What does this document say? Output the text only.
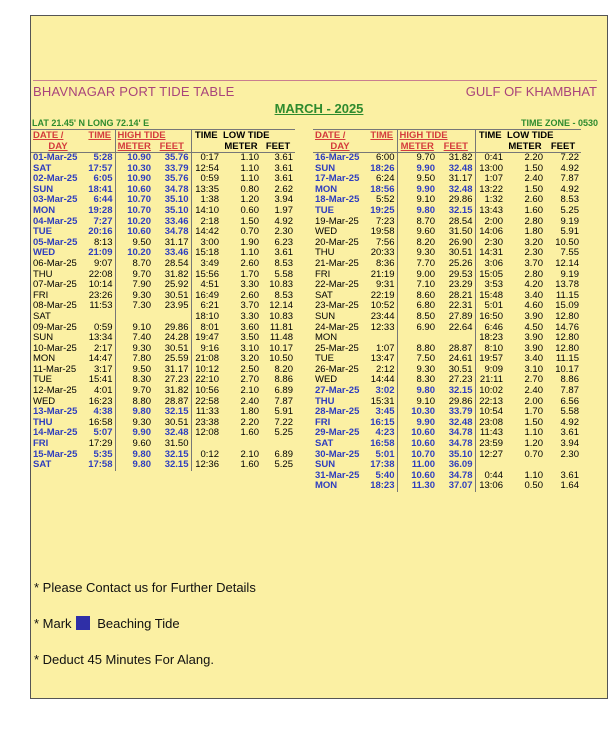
BHAVNAGAR PORT TIDE TABLE	GULF OF KHAMBHAT
MARCH - 2025
LAT 21.45' N LONG 72.14' E	TIME ZONE - 0530
DATE /	TIME	HIGH TIDE		TIME	LOW TIDE	
DAY		METER	FEET		METER	FEET
01-Mar-25	5:28	10.90	35.76	0:17	1.10	3.61
SAT	17:57	10.30	33.79	12:54	1.10	3.61
02-Mar-25	6:05	10.90	35.76	0:59	1.10	3.61
SUN	18:41	10.60	34.78	13:35	0.80	2.62
03-Mar-25	6:44	10.70	35.10	1:38	1.20	3.94
MON	19:28	10.70	35.10	14:10	0.60	1.97
04-Mar-25	7:27	10.20	33.46	2:18	1.50	4.92
TUE	20:16	10.60	34.78	14:42	0.70	2.30
05-Mar-25	8:13	9.50	31.17	3:00	1.90	6.23
WED	21:09	10.20	33.46	15:18	1.10	3.61
06-Mar-25	9:07	8.70	28.54	3:49	2.60	8.53
THU	22:08	9.70	31.82	15:56	1.70	5.58
07-Mar-25	10:14	7.90	25.92	4:51	3.30	10.83
FRI	23:26	9.30	30.51	16:49	2.60	8.53
08-Mar-25	11:53	7.30	23.95	6:21	3.70	12.14
SAT				18:10	3.30	10.83
09-Mar-25	0:59	9.10	29.86	8:01	3.60	11.81
SUN	13:34	7.40	24.28	19:47	3.50	11.48
10-Mar-25	2:17	9.30	30.51	9:16	3.10	10.17
MON	14:47	7.80	25.59	21:08	3.20	10.50
11-Mar-25	3:17	9.50	31.17	10:12	2.50	8.20
TUE	15:41	8.30	27.23	22:10	2.70	8.86
12-Mar-25	4:01	9.70	31.82	10:56	2.10	6.89
WED	16:23	8.80	28.87	22:58	2.40	7.87
13-Mar-25	4:38	9.80	32.15	11:33	1.80	5.91
THU	16:58	9.30	30.51	23:38	2.20	7.22
14-Mar-25	5:07	9.90	32.48	12:08	1.60	5.25
FRI	17:29	9.60	31.50			
15-Mar-25	5:35	9.80	32.15	0:12	2.10	6.89
SAT	17:58	9.80	32.15	12:36	1.60	5.25
DATE /	TIME	HIGH TIDE		TIME	LOW TIDE	
DAY		METER	FEET		METER	FEET
16-Mar-25	6:00	9.70	31.82	0:41	2.20	7.22
SUN	18:26	9.90	32.48	13:00	1.50	4.92
17-Mar-25	6:24	9.50	31.17	1:07	2.40	7.87
MON	18:56	9.90	32.48	13:22	1.50	4.92
18-Mar-25	5:52	9.10	29.86	1:32	2.60	8.53
TUE	19:25	9.80	32.15	13:43	1.60	5.25
19-Mar-25	7:23	8.70	28.54	2:00	2.80	9.19
WED	19:58	9.60	31.50	14:06	1.80	5.91
20-Mar-25	7:56	8.20	26.90	2:30	3.20	10.50
THU	20:33	9.30	30.51	14:31	2.30	7.55
21-Mar-25	8:36	7.70	25.26	3:06	3.70	12.14
FRI	21:19	9.00	29.53	15:05	2.80	9.19
22-Mar-25	9:31	7.10	23.29	3:53	4.20	13.78
SAT	22:19	8.60	28.21	15:48	3.40	11.15
23-Mar-25	10:52	6.80	22.31	5:01	4.60	15.09
SUN	23:44	8.50	27.89	16:50	3.90	12.80
24-Mar-25	12:33	6.90	22.64	6:46	4.50	14.76
MON				18:23	3.90	12.80
25-Mar-25	1:07	8.80	28.87	8:10	3.90	12.80
TUE	13:47	7.50	24.61	19:57	3.40	11.15
26-Mar-25	2:12	9.30	30.51	9:09	3.10	10.17
WED	14:44	8.30	27.23	21:11	2.70	8.86
27-Mar-25	3:02	9.80	32.15	10:02	2.40	7.87
THU	15:31	9.10	29.86	22:13	2.00	6.56
28-Mar-25	3:45	10.30	33.79	10:54	1.70	5.58
FRI	16:15	9.90	32.48	23:08	1.50	4.92
29-Mar-25	4:23	10.60	34.78	11:43	1.10	3.61
SAT	16:58	10.60	34.78	23:59	1.20	3.94
30-Mar-25	5:01	10.70	35.10	12:27	0.70	2.30
SUN	17:38	11.00	36.09			
31-Mar-25	5:40	10.60	34.78	0:44	1.10	3.61
MON	18:23	11.30	37.07	13:06	0.50	1.64
* Please Contact us for Further Details
* Mark Beaching Tide
* Deduct 45 Minutes For Alang.
